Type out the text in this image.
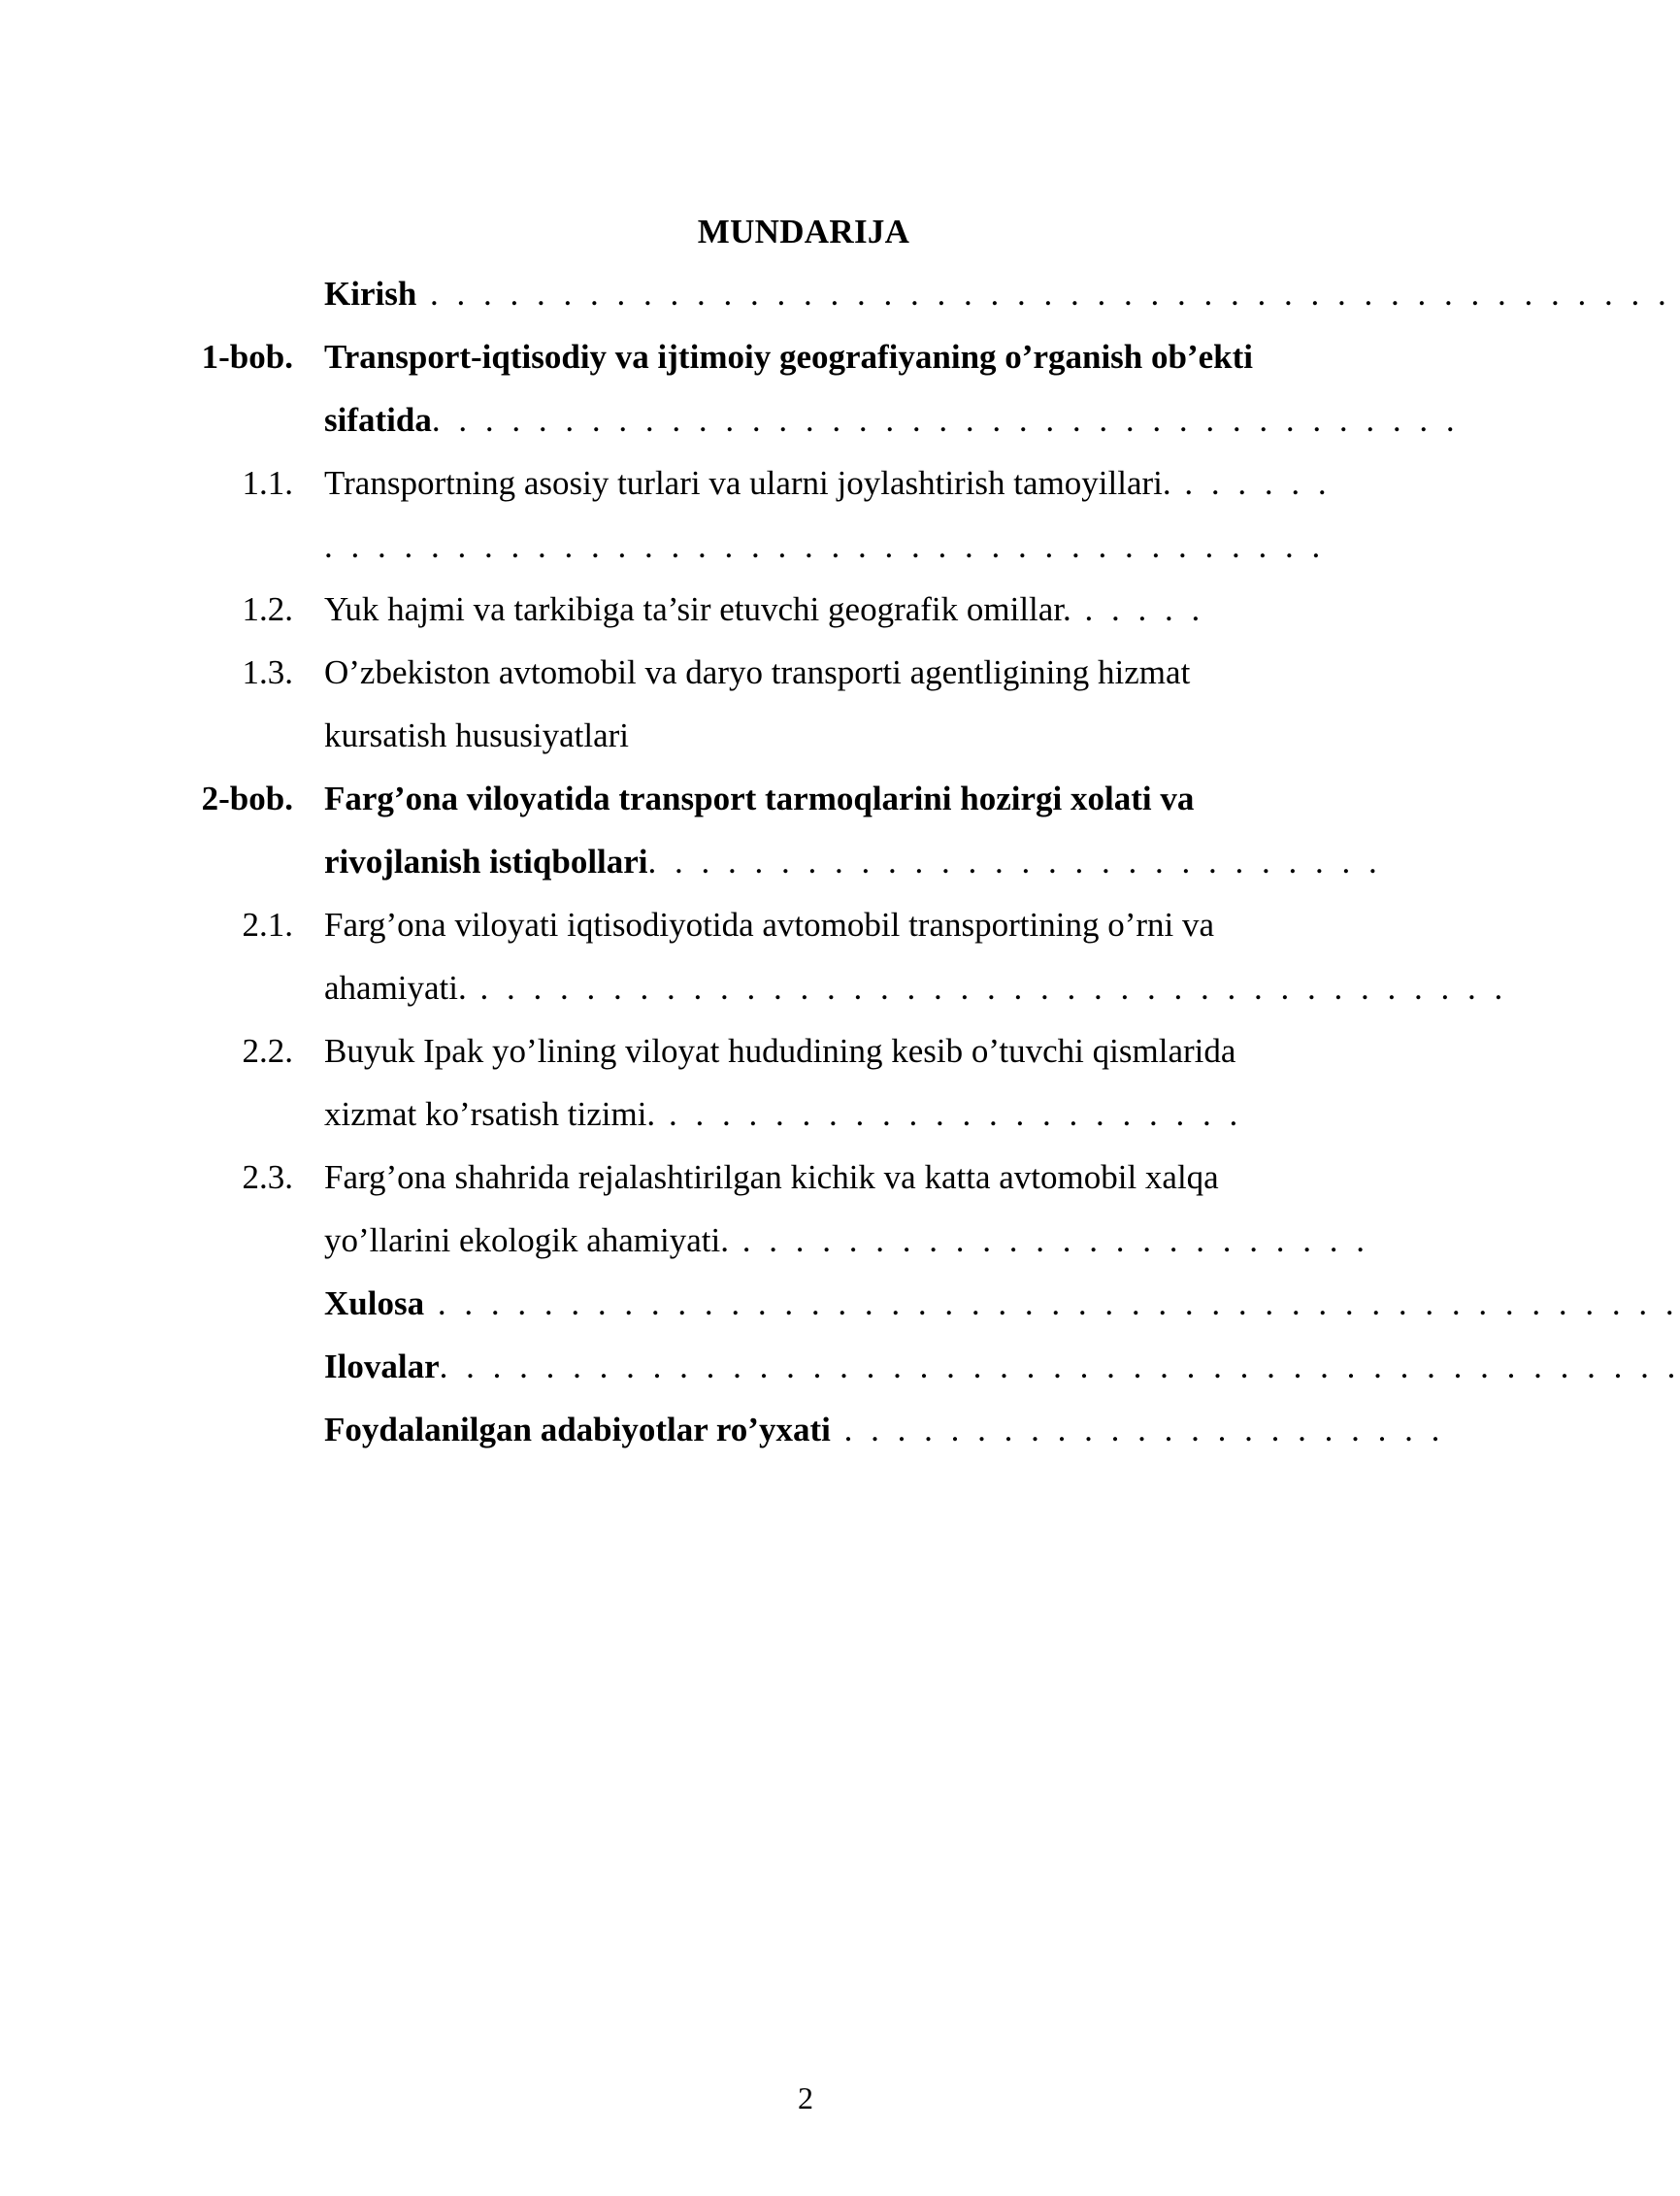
MUNDARIJA
Kirish . . . . . . . . . . . . . . . . . . . . . . . . . . . . . . . . . . . . . . . . . . . . . . .
1-bob. Transport-iqtisodiy va ijtimoiy geografiyaning o’rganish ob’ekti
sifatida. . . . . . . . . . . . . . . . . . . . . . . . . . . . . . . . . . . . . . .
1.1. Transportning asosiy turlari va ularni joylashtirish tamoyillari. . . . . . .
. . . . . . . . . . . . . . . . . . . . . . . . . . . . . . . . . . . . . .
1.2. Yuk hajmi va tarkibiga ta’sir etuvchi geografik omillar. . . . . .
1.3. O’zbekiston avtomobil va daryo transporti agentligining hizmat
kursatish hususiyatlari
2-bob. Farg’ona viloyatida transport tarmoqlarini hozirgi xolati va
rivojlanish istiqbollari. . . . . . . . . . . . . . . . . . . . . . . . . . . .
2.1. Farg’ona viloyati iqtisodiyotida avtomobil transportining o’rni va
ahamiyati. . . . . . . . . . . . . . . . . . . . . . . . . . . . . . . . . . . . . . . .
2.2. Buyuk Ipak yo’lining viloyat hududining kesib o’tuvchi qismlarida
xizmat ko’rsatish tizimi. . . . . . . . . . . . . . . . . . . . . . .
2.3. Farg’ona shahrida rejalashtirilgan kichik va katta avtomobil xalqa
yo’llarini ekologik ahamiyati. . . . . . . . . . . . . . . . . . . . . . . . .
Xulosa . . . . . . . . . . . . . . . . . . . . . . . . . . . . . . . . . . . . . . . . . . . . . . .
Ilovalar. . . . . . . . . . . . . . . . . . . . . . . . . . . . . . . . . . . . . . . . . . . . . . .
Foydalanilgan adabiyotlar ro’yxati . . . . . . . . . . . . . . . . . . . . . . .
2
